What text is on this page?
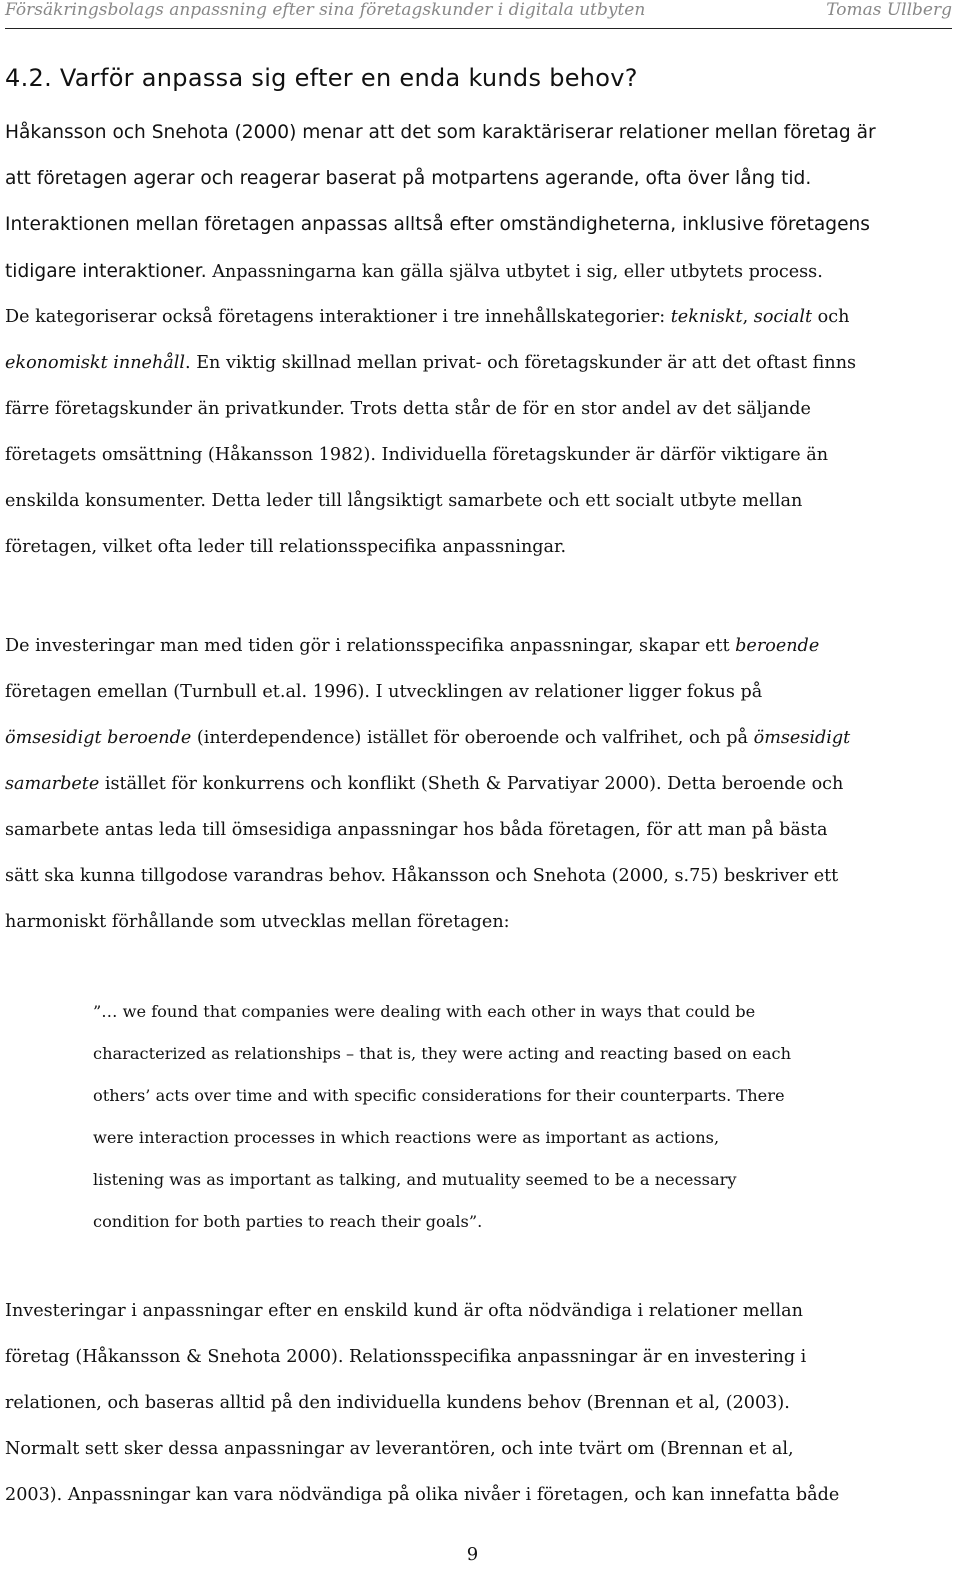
Försäkringsbolags anpassning efter sina företagskunder i digitala utbyten	Tomas Ullberg
4.2. Varför anpassa sig efter en enda kunds behov?
Håkansson och Snehota (2000) menar att det som karaktäriserar relationer mellan företag är
att företagen agerar och reagerar baserat på motpartens agerande, ofta över lång tid.
Interaktionen mellan företagen anpassas alltså efter omständigheterna, inklusive företagens
tidigare interaktioner. Anpassningarna kan gälla själva utbytet i sig, eller utbytets process.
De kategoriserar också företagens interaktioner i tre innehållskategorier: tekniskt, socialt och
ekonomiskt innehåll. En viktig skillnad mellan privat- och företagskunder är att det oftast finns
färre företagskunder än privatkunder. Trots detta står de för en stor andel av det säljande
företagets omsättning (Håkansson 1982). Individuella företagskunder är därför viktigare än
enskilda konsumenter. Detta leder till långsiktigt samarbete och ett socialt utbyte mellan
företagen, vilket ofta leder till relationsspecifika anpassningar.
De investeringar man med tiden gör i relationsspecifika anpassningar, skapar ett beroende
företagen emellan (Turnbull et.al. 1996). I utvecklingen av relationer ligger fokus på
ömsesidigt beroende (interdependence) istället för oberoende och valfrihet, och på ömsesidigt
samarbete istället för konkurrens och konflikt (Sheth & Parvatiyar 2000). Detta beroende och
samarbete antas leda till ömsesidiga anpassningar hos båda företagen, för att man på bästa
sätt ska kunna tillgodose varandras behov. Håkansson och Snehota (2000, s.75) beskriver ett
harmoniskt förhållande som utvecklas mellan företagen:
”… we found that companies were dealing with each other in ways that could be
characterized as relationships – that is, they were acting and reacting based on each
others’ acts over time and with specific considerations for their counterparts. There
were interaction processes in which reactions were as important as actions,
listening was as important as talking, and mutuality seemed to be a necessary
condition for both parties to reach their goals”.
Investeringar i anpassningar efter en enskild kund är ofta nödvändiga i relationer mellan
företag (Håkansson & Snehota 2000). Relationsspecifika anpassningar är en investering i
relationen, och baseras alltid på den individuella kundens behov (Brennan et al, (2003).
Normalt sett sker dessa anpassningar av leverantören, och inte tvärt om (Brennan et al,
2003). Anpassningar kan vara nödvändiga på olika nivåer i företagen, och kan innefatta både
9
